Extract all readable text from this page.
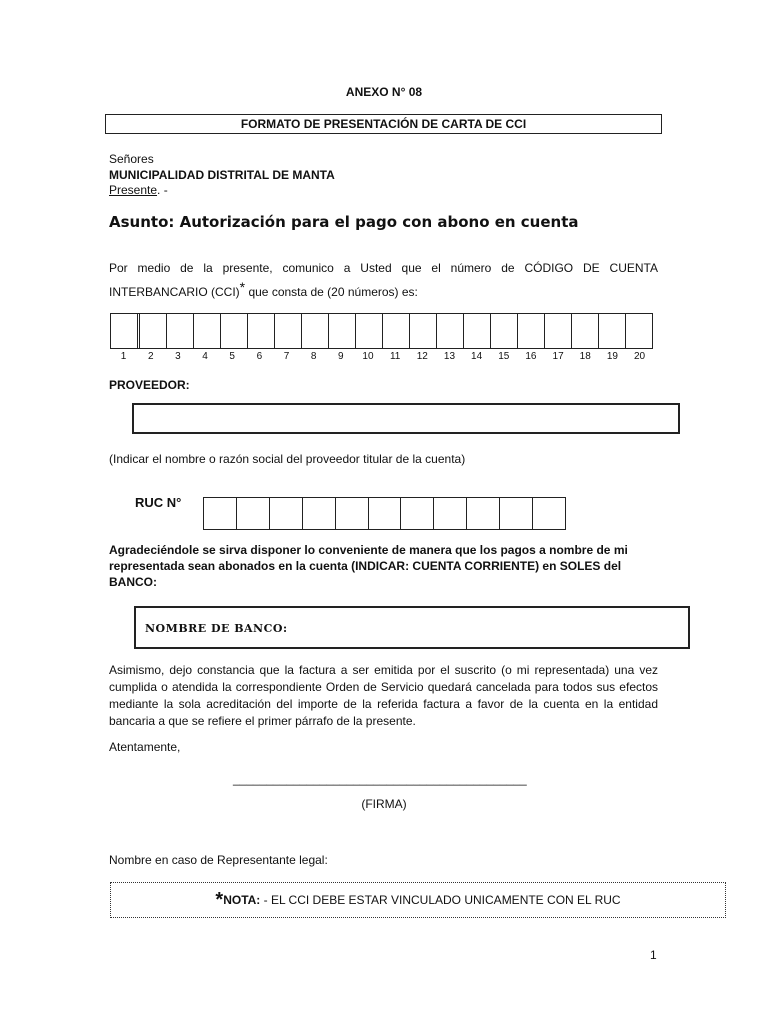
ANEXO N° 08
FORMATO DE PRESENTACIÓN DE CARTA DE CCI
Señores
MUNICIPALIDAD DISTRITAL DE MANTA
Presente. -
Asunto: Autorización para el pago con abono en cuenta
Por medio de la presente, comunico a Usted que el número de CÓDIGO DE CUENTA INTERBANCARIO (CCI)* que consta de (20 números) es:
1	2	3	4	5	6	7	8	9	10	11	12	13	14	15	16	17	18	19	20
PROVEEDOR:
(Indicar el nombre o razón social del proveedor titular de la cuenta)
RUC N°
Agradeciéndole se sirva disponer lo conveniente de manera que los pagos a nombre de mi representada sean abonados en la cuenta (INDICAR: CUENTA CORRIENTE) en SOLES del BANCO:
NOMBRE DE BANCO:
Asimismo, dejo constancia que la factura a ser emitida por el suscrito (o mi representada) una vez cumplida o atendida la correspondiente Orden de Servicio quedará cancelada para todos sus efectos mediante la sola acreditación del importe de la referida factura a favor de la cuenta en la entidad bancaria a que se refiere el primer párrafo de la presente.
Atentamente,
____________________________________________
(FIRMA)
Nombre en caso de Representante legal:
*NOTA: - EL CCI DEBE ESTAR VINCULADO UNICAMENTE CON EL RUC
1
